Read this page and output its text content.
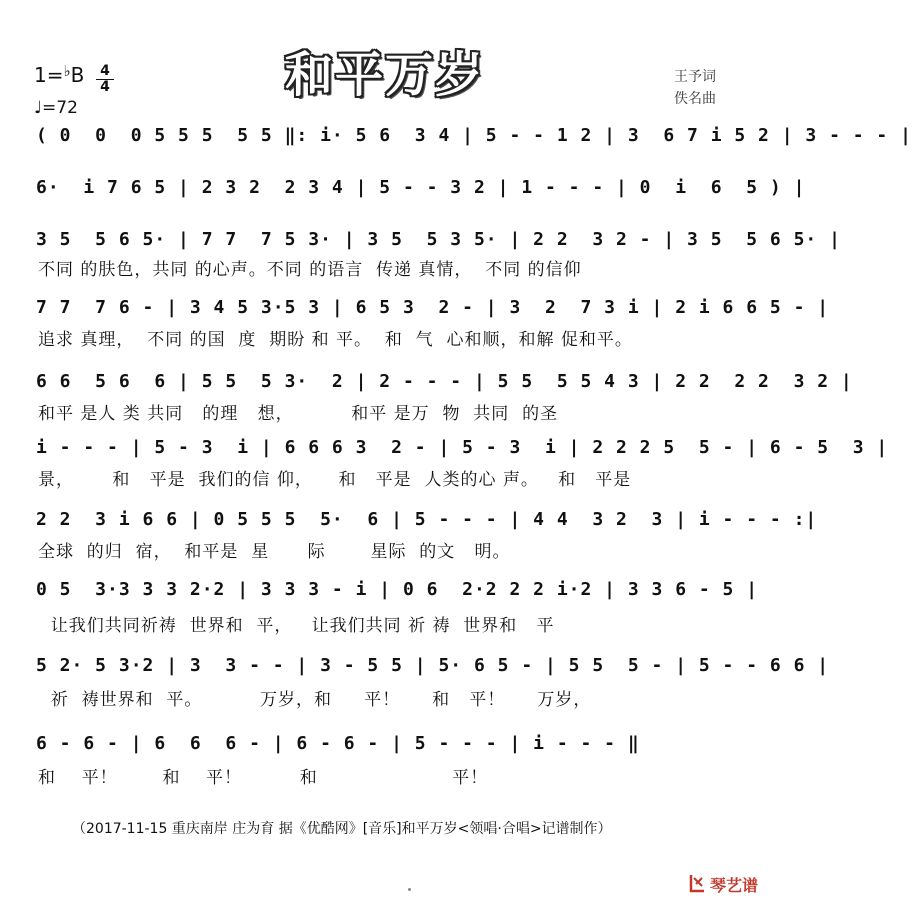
和平万岁
1=♭B 4
4
♩=72
王予词
佚名曲
( 0  0  0 5 5 5  5 5 ‖: i· 5 6  3 4 | 5 - - 1 2 | 3  6 7 i 5 2 | 3 - - - |
6·  i 7 6 5 | 2 3 2  2 3 4 | 5 - - 3 2 | 1 - - - | 0  i  6  5 ) |
3 5  5 6 5· | 7 7  7 5 3· | 3 5  5 3 5· | 2 2  3 2 - | 3 5  5 6 5· |
不同 的肤色，共同 的心声。不同 的语言  传递 真情，  不同 的信仰
7 7  7 6 - | 3 4 5 3·5 3 | 6 5 3  2 - | 3  2  7 3 i | 2 i 6 6 5 - |
追求 真理，  不同 的国  度  期盼 和 平。  和  气  心和顺，和解 促和平。
6 6  5 6  6 | 5 5  5 3·  2 | 2 - - - | 5 5  5 5 4 3 | 2 2  2 2  3 2 |
和平 是人 类 共同   的理   想，         和平 是万  物  共同  的圣
i - - - | 5 - 3  i | 6 6 6 3  2 - | 5 - 3  i | 2 2 2 5  5 - | 6 - 5  3 |
景，      和   平是  我们的信 仰，    和   平是  人类的心 声。   和   平是
2 2  3 i 6 6 | 0 5 5 5  5·  6 | 5 - - - | 4 4  3 2  3 | i - - - :|
全球  的归  宿，  和平是  星      际       星际  的文   明。
0 5  3·3 3 3 2·2 | 3 3 3 - i | 0 6  2·2 2 2 i·2 | 3 3 6 - 5 |
让我们共同祈祷  世界和  平，   让我们共同 祈 祷  世界和   平
5 2· 5 3·2 | 3  3 - - | 3 - 5 5 | 5· 6 5 - | 5 5  5 - | 5 - - 6 6 |
祈  祷世界和  平。         万岁，和     平！     和   平！     万岁，
6 - 6 - | 6  6  6 - | 6 - 6 - | 5 - - - | i - - - ‖
和    平！       和    平！         和                     平！
（2017-11-15 重庆南岸 庄为育 据《优酷网》[音乐]和平万岁<领唱·合唱>记谱制作）
琴艺谱
